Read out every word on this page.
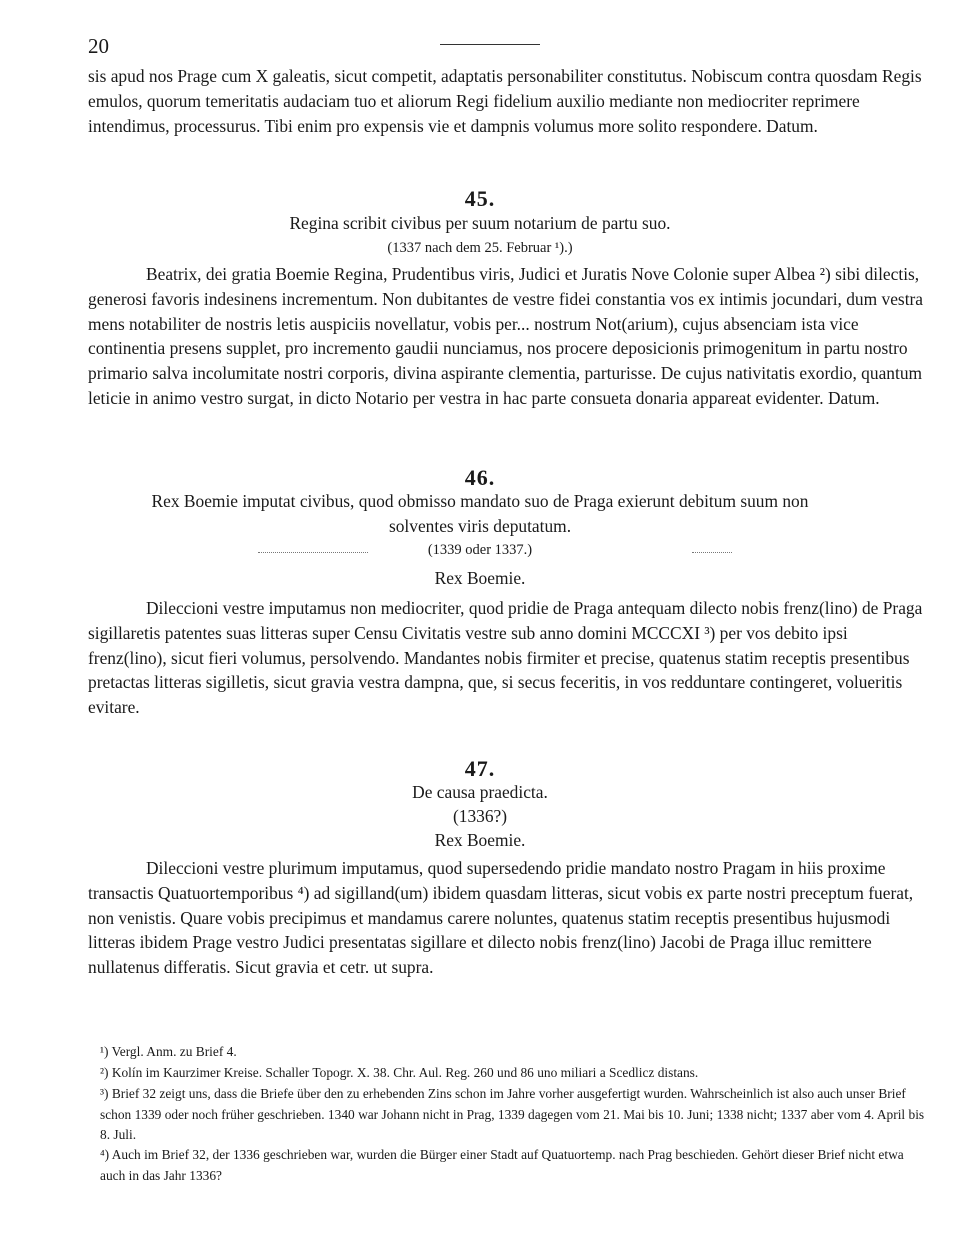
20

sis apud nos Prage cum X galeatis, sicut competit, adaptatis personabiliter constitutus. Nobiscum contra quosdam Regis emulos, quorum temeritatis audaciam tuo et aliorum Regi fidelium auxilio mediante non mediocriter reprimere intendimus, processurus. Tibi enim pro expensis vie et dampnis volumus more solito respondere. Datum.

45.

Regina scribit civibus per suum notarium de partu suo.

(1337 nach dem 25. Februar ¹).)

Beatrix, dei gratia Boemie Regina, Prudentibus viris, Judici et Juratis Nove Colonie super Albea ²) sibi dilectis, generosi favoris indesinens incrementum. Non dubitantes de vestre fidei constantia vos ex intimis jocundari, dum vestra mens notabiliter de nostris letis auspiciis novellatur, vobis per... nostrum Not(arium), cujus absenciam ista vice continentia presens supplet, pro incremento gaudii nunciamus, nos procere deposicionis primogenitum in partu nostro primario salva incolumitate nostri corporis, divina aspirante clementia, parturisse. De cujus nativitatis exordio, quantum leticie in animo vestro surgat, in dicto Notario per vestra in hac parte consueta donaria appareat evidenter. Datum.

46.

Rex Boemie imputat civibus, quod obmisso mandato suo de Praga exierunt debitum suum non

solventes viris deputatum.

(1339 oder 1337.)

Rex Boemie.

Dileccioni vestre imputamus non mediocriter, quod pridie de Praga antequam dilecto nobis frenz(lino) de Praga sigillaretis patentes suas litteras super Censu Civitatis vestre sub anno domini MCCCXI ³) per vos debito ipsi frenz(lino), sicut fieri volumus, persolvendo. Mandantes nobis firmiter et precise, quatenus statim receptis presentibus pretactas litteras sigilletis, sicut gravia vestra dampna, que, si secus feceritis, in vos redduntare contingeret, volueritis evitare.

47.

De causa praedicta.

(1336?)

Rex Boemie.

Dileccioni vestre plurimum imputamus, quod supersedendo pridie mandato nostro Pragam in hiis proxime transactis Quatuortemporibus ⁴) ad sigilland(um) ibidem quasdam litteras, sicut vobis ex parte nostri preceptum fuerat, non venistis. Quare vobis precipimus et mandamus carere noluntes, quatenus statim receptis presentibus hujusmodi litteras ibidem Prage vestro Judici presentatas sigillare et dilecto nobis frenz(lino) Jacobi de Praga illuc remittere nullatenus differatis. Sicut gravia et cetr. ut supra.

¹) Vergl. Anm. zu Brief 4.

²) Kolín im Kaurzimer Kreise. Schaller Topogr. X. 38. Chr. Aul. Reg. 260 und 86 uno miliari a Scedlicz distans.

³) Brief 32 zeigt uns, dass die Briefe über den zu erhebenden Zins schon im Jahre vorher ausgefertigt wurden. Wahrscheinlich ist also auch unser Brief schon 1339 oder noch früher geschrieben. 1340 war Johann nicht in Prag, 1339 dagegen vom 21. Mai bis 10. Juni; 1338 nicht; 1337 aber vom 4. April bis 8. Juli.

⁴) Auch im Brief 32, der 1336 geschrieben war, wurden die Bürger einer Stadt auf Quatuortemp. nach Prag beschieden. Gehört dieser Brief nicht etwa auch in das Jahr 1336?
